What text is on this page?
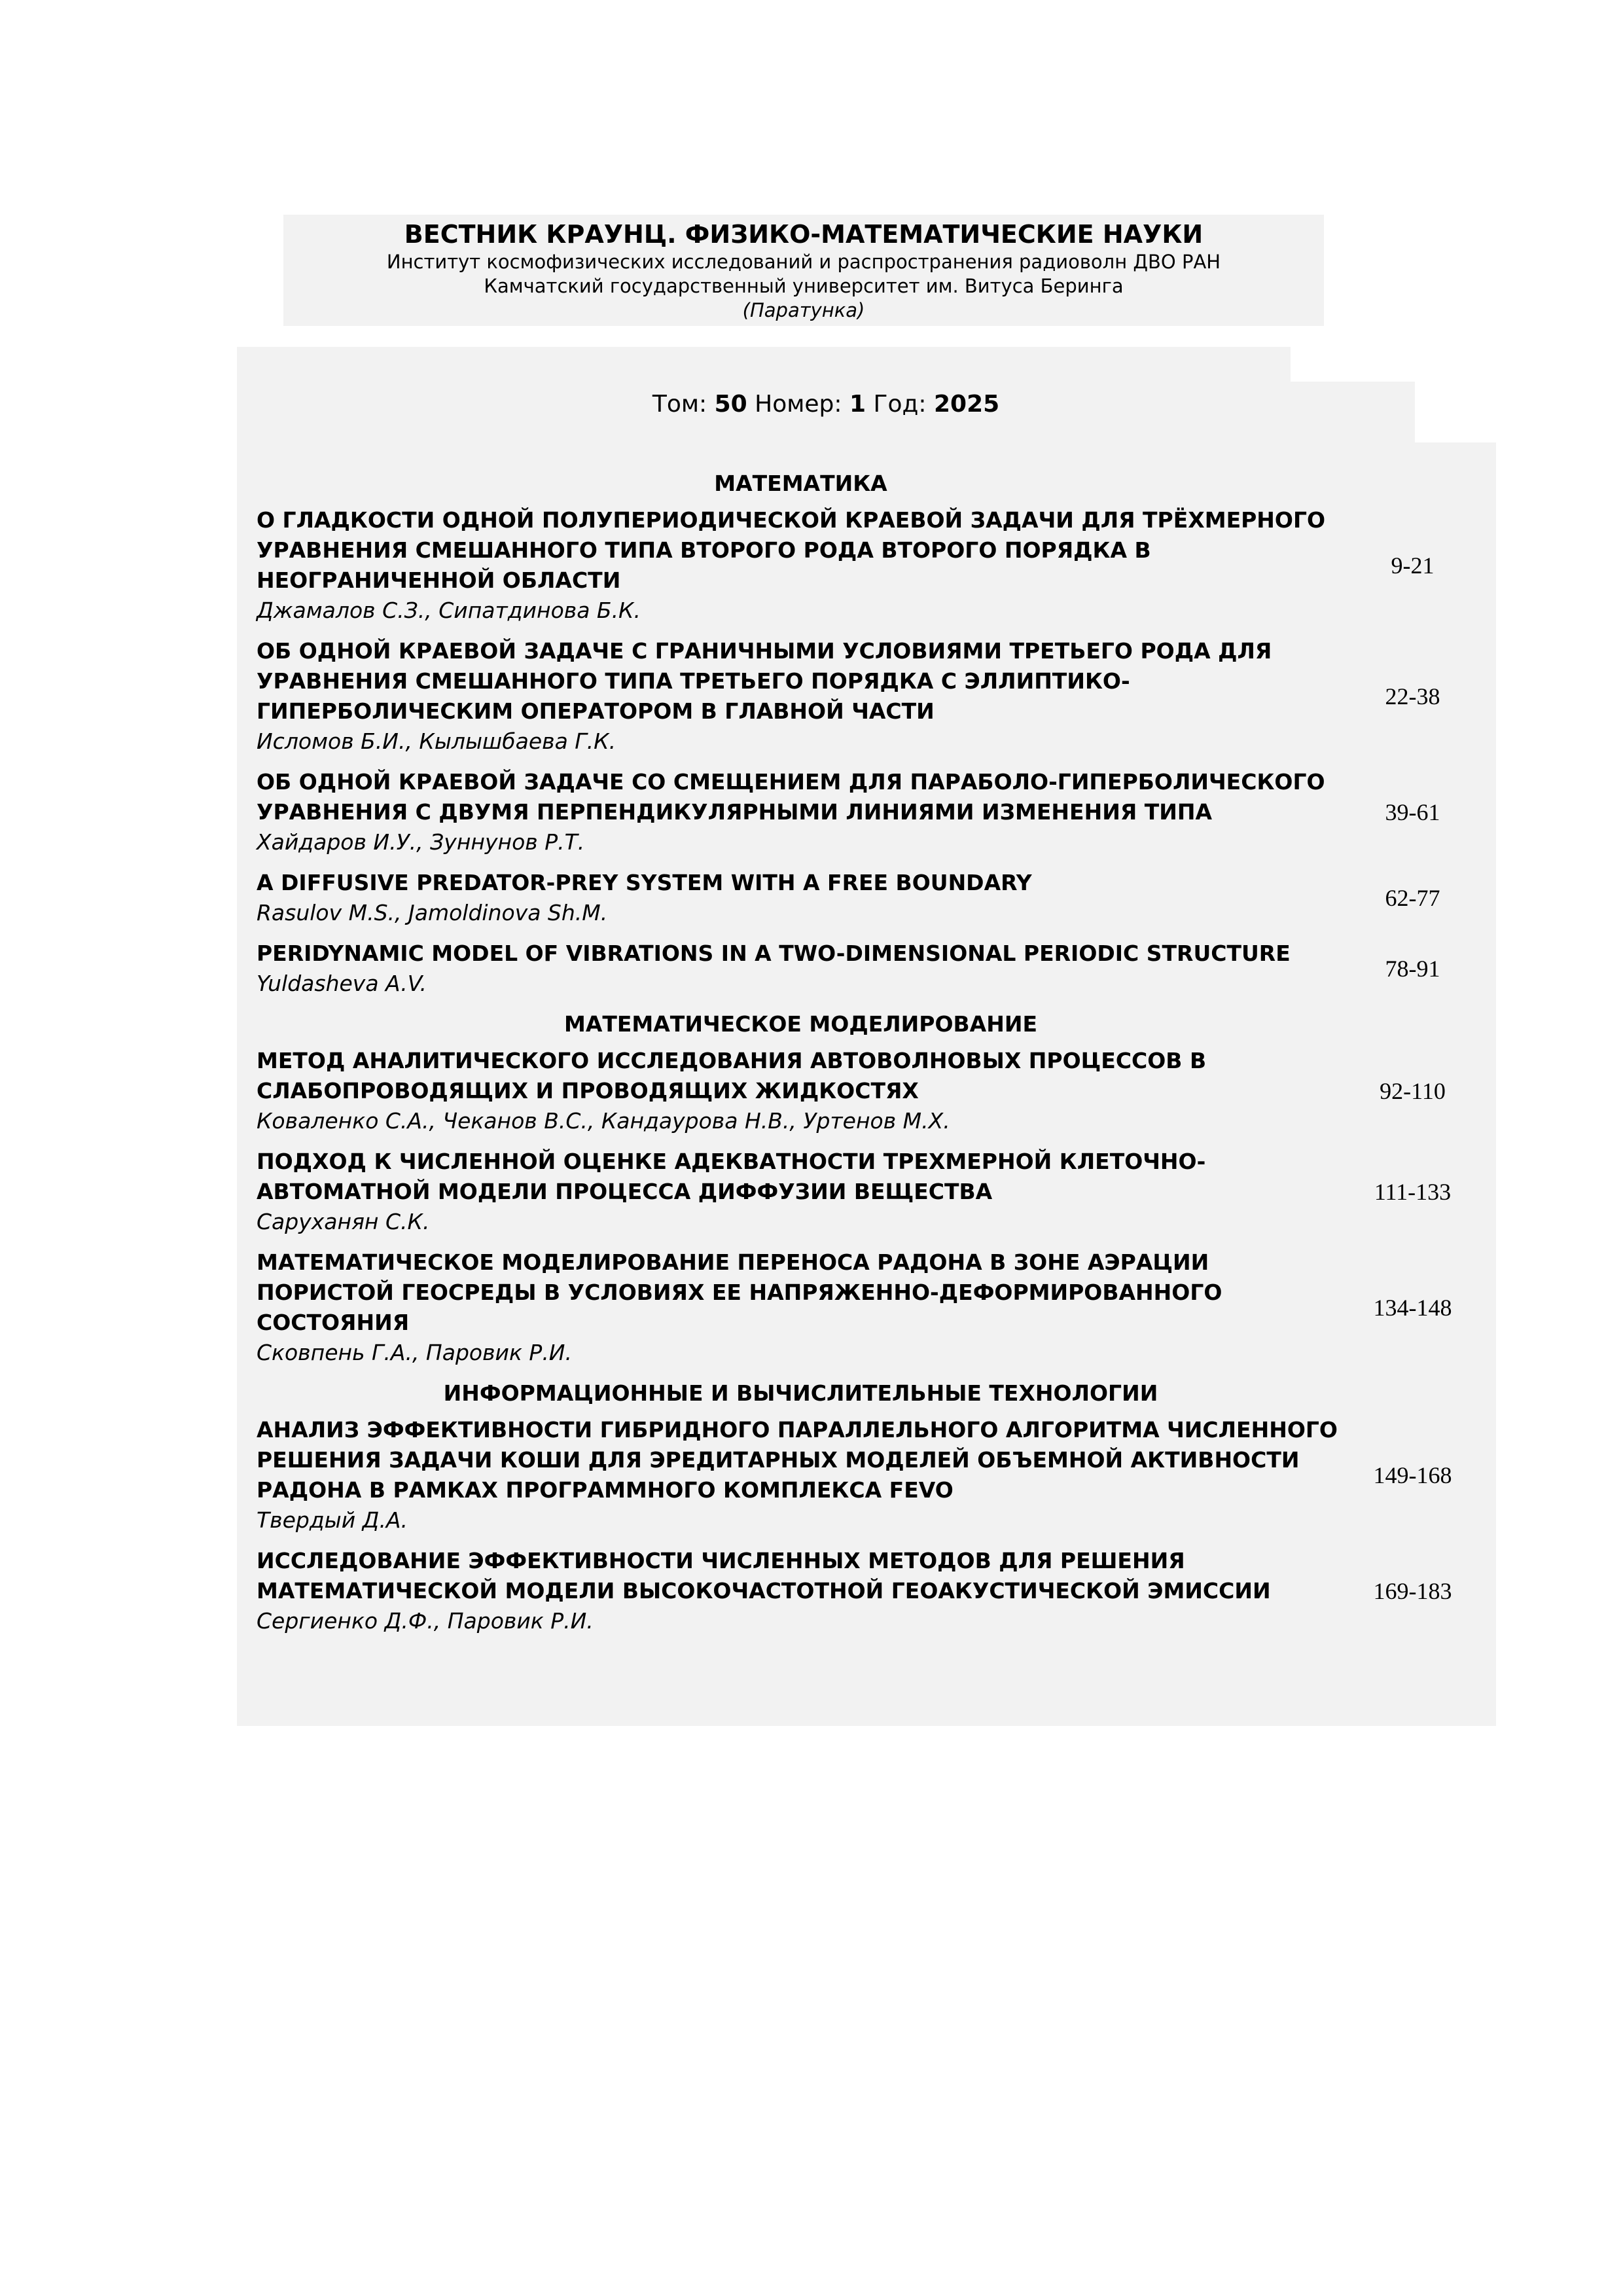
ВЕСТНИК КРАУНЦ. ФИЗИКО-МАТЕМАТИЧЕСКИЕ НАУКИ
Институт космофизических исследований и распространения радиоволн ДВО РАН
Камчатский государственный университет им. Витуса Беринга
(Паратунка)
Том: 50 Номер: 1 Год: 2025
МАТЕМАТИКА
О ГЛАДКОСТИ ОДНОЙ ПОЛУПЕРИОДИЧЕСКОЙ КРАЕВОЙ ЗАДАЧИ ДЛЯ ТРЁХМЕРНОГО УРАВНЕНИЯ СМЕШАННОГО ТИПА ВТОРОГО РОДА ВТОРОГО ПОРЯДКА В НЕОГРАНИЧЕННОЙ ОБЛАСТИ
Джамалов С.З., Сипатдинова Б.К.
9-21
ОБ ОДНОЙ КРАЕВОЙ ЗАДАЧЕ С ГРАНИЧНЫМИ УСЛОВИЯМИ ТРЕТЬЕГО РОДА ДЛЯ УРАВНЕНИЯ СМЕШАННОГО ТИПА ТРЕТЬЕГО ПОРЯДКА С ЭЛЛИПТИКО-ГИПЕРБОЛИЧЕСКИМ ОПЕРАТОРОМ В ГЛАВНОЙ ЧАСТИ
Исломов Б.И., Кылышбаева Г.К.
22-38
ОБ ОДНОЙ КРАЕВОЙ ЗАДАЧЕ СО СМЕЩЕНИЕМ ДЛЯ ПАРАБОЛО-ГИПЕРБОЛИЧЕСКОГО УРАВНЕНИЯ С ДВУМЯ ПЕРПЕНДИКУЛЯРНЫМИ ЛИНИЯМИ ИЗМЕНЕНИЯ ТИПА
Хайдаров И.У., Зуннунов Р.Т.
39-61
A DIFFUSIVE PREDATOR-PREY SYSTEM WITH A FREE BOUNDARY
Rasulov M.S., Jamoldinova Sh.M.
62-77
PERIDYNAMIC MODEL OF VIBRATIONS IN A TWO-DIMENSIONAL PERIODIC STRUCTURE
Yuldasheva A.V.
78-91
МАТЕМАТИЧЕСКОЕ МОДЕЛИРОВАНИЕ
МЕТОД АНАЛИТИЧЕСКОГО ИССЛЕДОВАНИЯ АВТОВОЛНОВЫХ ПРОЦЕССОВ В СЛАБОПРОВОДЯЩИХ И ПРОВОДЯЩИХ ЖИДКОСТЯХ
Коваленко С.А., Чеканов В.С., Кандаурова Н.В., Уртенов М.Х.
92-110
ПОДХОД К ЧИСЛЕННОЙ ОЦЕНКЕ АДЕКВАТНОСТИ ТРЕХМЕРНОЙ КЛЕТОЧНО-АВТОМАТНОЙ МОДЕЛИ ПРОЦЕССА ДИФФУЗИИ ВЕЩЕСТВА
Саруханян С.К.
111-133
МАТЕМАТИЧЕСКОЕ МОДЕЛИРОВАНИЕ ПЕРЕНОСА РАДОНА В ЗОНЕ АЭРАЦИИ ПОРИСТОЙ ГЕОСРЕДЫ В УСЛОВИЯХ ЕЕ НАПРЯЖЕННО-ДЕФОРМИРОВАННОГО СОСТОЯНИЯ
Сковпень Г.А., Паровик Р.И.
134-148
ИНФОРМАЦИОННЫЕ И ВЫЧИСЛИТЕЛЬНЫЕ ТЕХНОЛОГИИ
АНАЛИЗ ЭФФЕКТИВНОСТИ ГИБРИДНОГО ПАРАЛЛЕЛЬНОГО АЛГОРИТМА ЧИСЛЕННОГО РЕШЕНИЯ ЗАДАЧИ КОШИ ДЛЯ ЭРЕДИТАРНЫХ МОДЕЛЕЙ ОБЪЕМНОЙ АКТИВНОСТИ РАДОНА В РАМКАХ ПРОГРАММНОГО КОМПЛЕКСА FEVO
Твердый Д.А.
149-168
ИССЛЕДОВАНИЕ ЭФФЕКТИВНОСТИ ЧИСЛЕННЫХ МЕТОДОВ ДЛЯ РЕШЕНИЯ МАТЕМАТИЧЕСКОЙ МОДЕЛИ ВЫСОКОЧАСТОТНОЙ ГЕОАКУСТИЧЕСКОЙ ЭМИССИИ
Сергиенко Д.Ф., Паровик Р.И.
169-183
